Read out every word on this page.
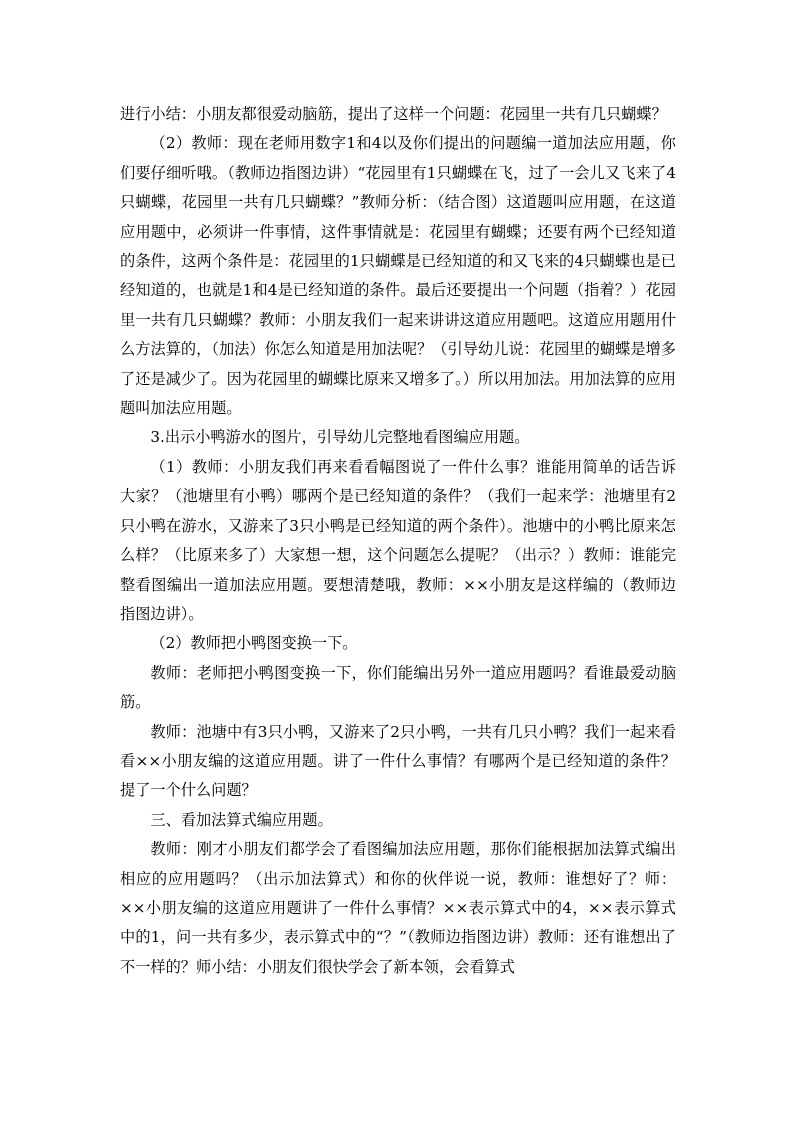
进行小结：小朋友都很爱动脑筋，提出了这样一个问题：花园里一共有几只蝴蝶？

（2）教师：现在老师用数字1和4以及你们提出的问题编一道加法应用题，你们要仔细听哦。（教师边指图边讲）“花园里有1只蝴蝶在飞，过了一会儿又飞来了4只蝴蝶，花园里一共有几只蝴蝶？”教师分析：（结合图）这道题叫应用题，在这道应用题中，必须讲一件事情，这件事情就是：花园里有蝴蝶；还要有两个已经知道的条件，这两个条件是：花园里的1只蝴蝶是已经知道的和又飞来的4只蝴蝶也是已经知道的，也就是1和4是已经知道的条件。最后还要提出一个问题（指着？）花园里一共有几只蝴蝶？教师：小朋友我们一起来讲讲这道应用题吧。这道应用题用什么方法算的，（加法）你怎么知道是用加法呢？（引导幼儿说：花园里的蝴蝶是增多了还是减少了。因为花园里的蝴蝶比原来又增多了。）所以用加法。用加法算的应用题叫加法应用题。

3.出示小鸭游水的图片，引导幼儿完整地看图编应用题。

（1）教师：小朋友我们再来看看幅图说了一件什么事？谁能用简单的话告诉大家？（池塘里有小鸭）哪两个是已经知道的条件？（我们一起来学：池塘里有2只小鸭在游水，又游来了3只小鸭是已经知道的两个条件）。池塘中的小鸭比原来怎么样？（比原来多了）大家想一想，这个问题怎么提呢？（出示？）教师：谁能完整看图编出一道加法应用题。要想清楚哦，教师：××小朋友是这样编的（教师边指图边讲）。

（2）教师把小鸭图变换一下。

教师：老师把小鸭图变换一下，你们能编出另外一道应用题吗？看谁最爱动脑筋。

教师：池塘中有3只小鸭，又游来了2只小鸭，一共有几只小鸭？我们一起来看看××小朋友编的这道应用题。讲了一件什么事情？有哪两个是已经知道的条件？提了一个什么问题？

三、看加法算式编应用题。

教师：刚才小朋友们都学会了看图编加法应用题，那你们能根据加法算式编出相应的应用题吗？（出示加法算式）和你的伙伴说一说，教师：谁想好了？师：××小朋友编的这道应用题讲了一件什么事情？××表示算式中的4，××表示算式中的1，问一共有多少，表示算式中的“？”（教师边指图边讲）教师：还有谁想出了不一样的？师小结：小朋友们很快学会了新本领，会看算式
